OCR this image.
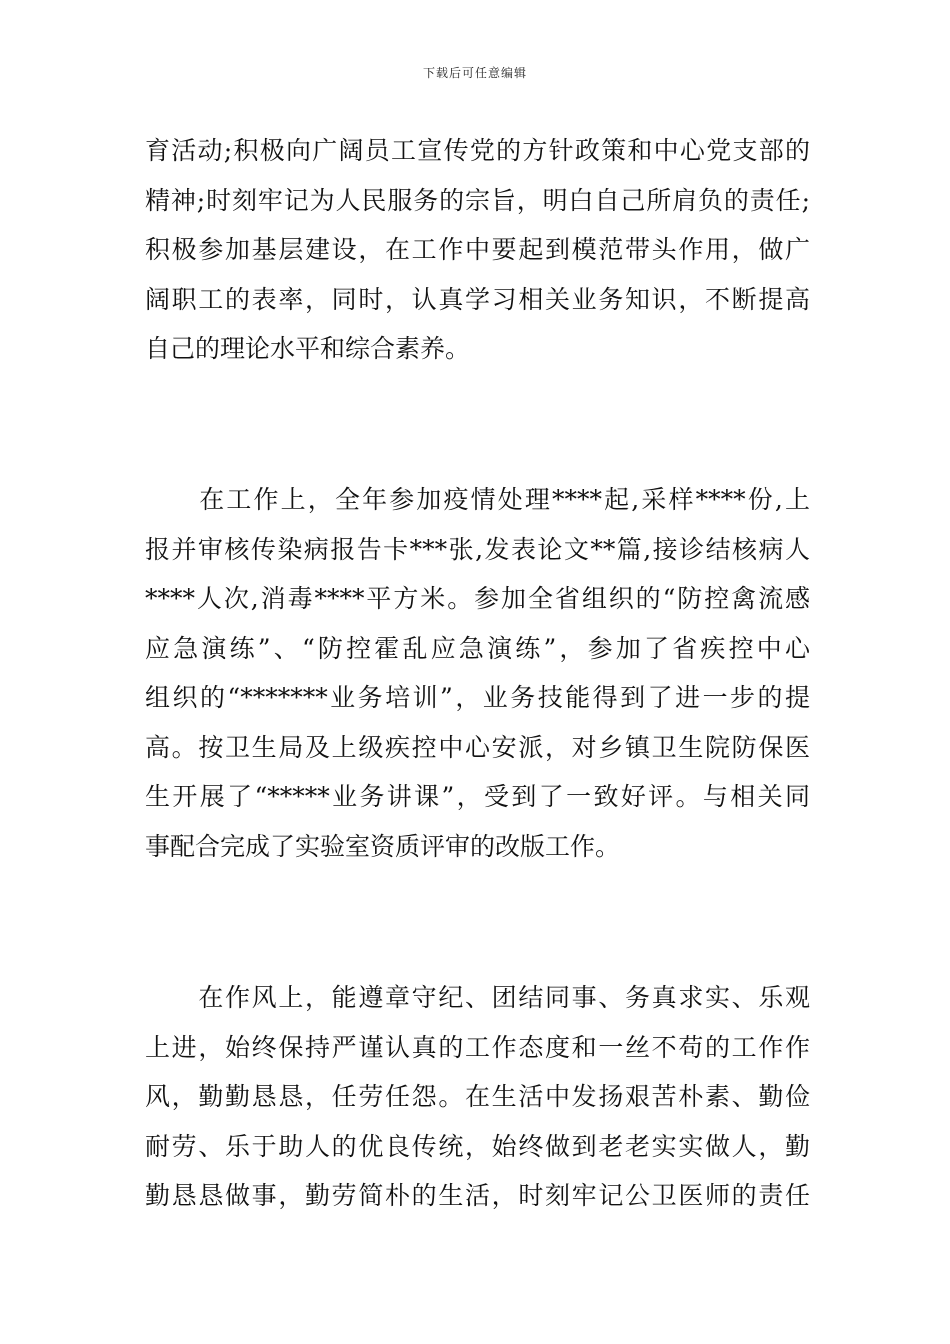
下载后可任意编辑
育活动;积极向广阔员工宣传党的方针政策和中心党支部的
精神;时刻牢记为人民服务的宗旨，明白自己所肩负的责任;
积极参加基层建设，在工作中要起到模范带头作用，做广
阔职工的表率，同时，认真学习相关业务知识，不断提高
自己的理论水平和综合素养。
　　在工作上，全年参加疫情处理****起,采样****份,上
报并审核传染病报告卡***张,发表论文**篇,接诊结核病人
****人次,消毒****平方米。参加全省组织的“防控禽流感
应急演练”、“防控霍乱应急演练”，参加了省疾控中心
组织的“*******业务培训”，业务技能得到了进一步的提
高。按卫生局及上级疾控中心安派，对乡镇卫生院防保医
生开展了“*****业务讲课”，受到了一致好评。与相关同
事配合完成了实验室资质评审的改版工作。
　　在作风上，能遵章守纪、团结同事、务真求实、乐观
上进，始终保持严谨认真的工作态度和一丝不苟的工作作
风，勤勤恳恳，任劳任怨。在生活中发扬艰苦朴素、勤俭
耐劳、乐于助人的优良传统，始终做到老老实实做人，勤
勤恳恳做事，勤劳简朴的生活，时刻牢记公卫医师的责任
